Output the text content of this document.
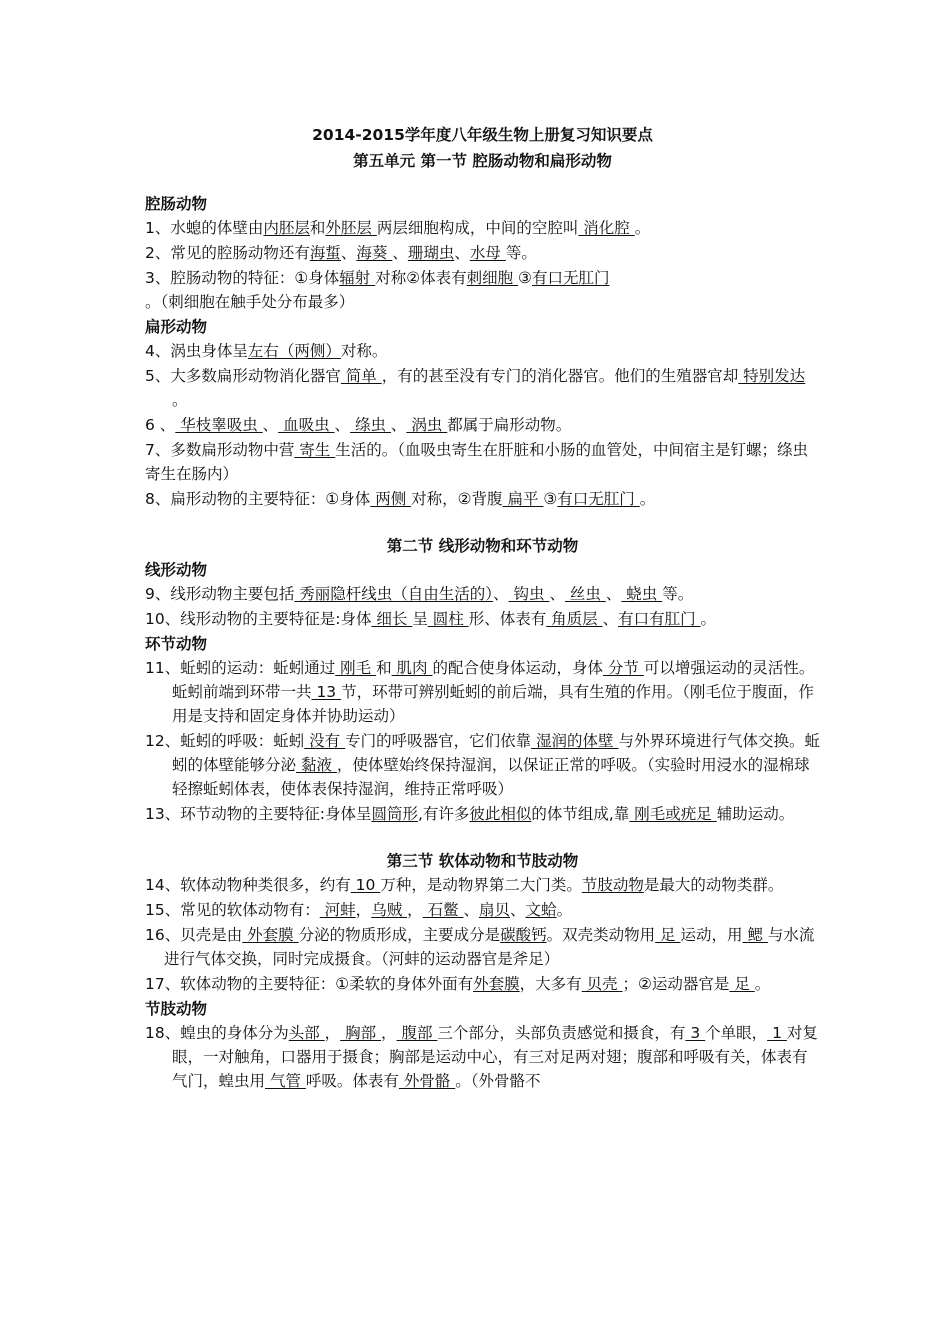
2014-2015学年度八年级生物上册复习知识要点
第五单元 第一节 腔肠动物和扁形动物
腔肠动物

1、水螅的体壁由内胚层和外胚层 两层细胞构成，中间的空腔叫 消化腔 。

2、常见的腔肠动物还有海蜇、海葵 、珊瑚虫、水母 等。

3、腔肠动物的特征：①身体辐射 对称②体表有刺细胞 ③有口无肛门 。（刺细胞在触手处分布最多）

扁形动物

4、涡虫身体呈左右（两侧）对称。

5、大多数扁形动物消化器官 简单 ，有的甚至没有专门的消化器官。他们的生殖器官却 特别发达 。

6 、 华枝睾吸虫 、 血吸虫 、 绦虫 、 涡虫 都属于扁形动物。

7、多数扁形动物中营 寄生 生活的。（血吸虫寄生在肝脏和小肠的血管处，中间宿主是钉螺；绦虫寄生在肠内）

8、扁形动物的主要特征：①身体 两侧 对称，②背腹 扁平 ③有口无肛门 。

第二节 线形动物和环节动物
线形动物

9、线形动物主要包括 秀丽隐杆线虫（自由生活的）、 钩虫 、 丝虫 、 蛲虫 等。

10、线形动物的主要特征是:身体 细长 呈 圆柱 形、体表有 角质层 、有口有肛门 。

环节动物

11、蚯蚓的运动：蚯蚓通过 刚毛 和 肌肉 的配合使身体运动，身体 分节 可以增强运动的灵活性。蚯蚓前端到环带一共 13 节，环带可辨别蚯蚓的前后端，具有生殖的作用。（刚毛位于腹面，作用是支持和固定身体并协助运动）

12、蚯蚓的呼吸：蚯蚓 没有 专门的呼吸器官，它们依靠 湿润的体壁 与外界环境进行气体交换。蚯蚓的体壁能够分泌 黏液 ，使体壁始终保持湿润，以保证正常的呼吸。（实验时用浸水的湿棉球轻擦蚯蚓体表，使体表保持湿润，维持正常呼吸）

13、环节动物的主要特征:身体呈圆筒形,有许多彼此相似的体节组成,靠 刚毛或疣足 辅助运动。

第三节 软体动物和节肢动物

14、软体动物种类很多，约有 10 万种，是动物界第二大门类。节肢动物是最大的动物类群。

15、常见的软体动物有： 河蚌，乌贼 ， 石鳖 、扇贝、文蛤。

16、贝壳是由 外套膜 分泌的物质形成，主要成分是碳酸钙。双壳类动物用 足 运动，用 鳃 与水流进行气体交换，同时完成摄食。（河蚌的运动器官是斧足）

17、软体动物的主要特征：①柔软的身体外面有外套膜，大多有 贝壳 ；②运动器官是 足 。

节肢动物

18、蝗虫的身体分为头部 ， 胸部 ， 腹部 三个部分，头部负责感觉和摄食，有 3 个单眼， 1 对复眼，一对触角，口器用于摄食；胸部是运动中心，有三对足两对翅；腹部和呼吸有关，体表有气门，蝗虫用 气管 呼吸。体表有 外骨骼 。（外骨骼不
